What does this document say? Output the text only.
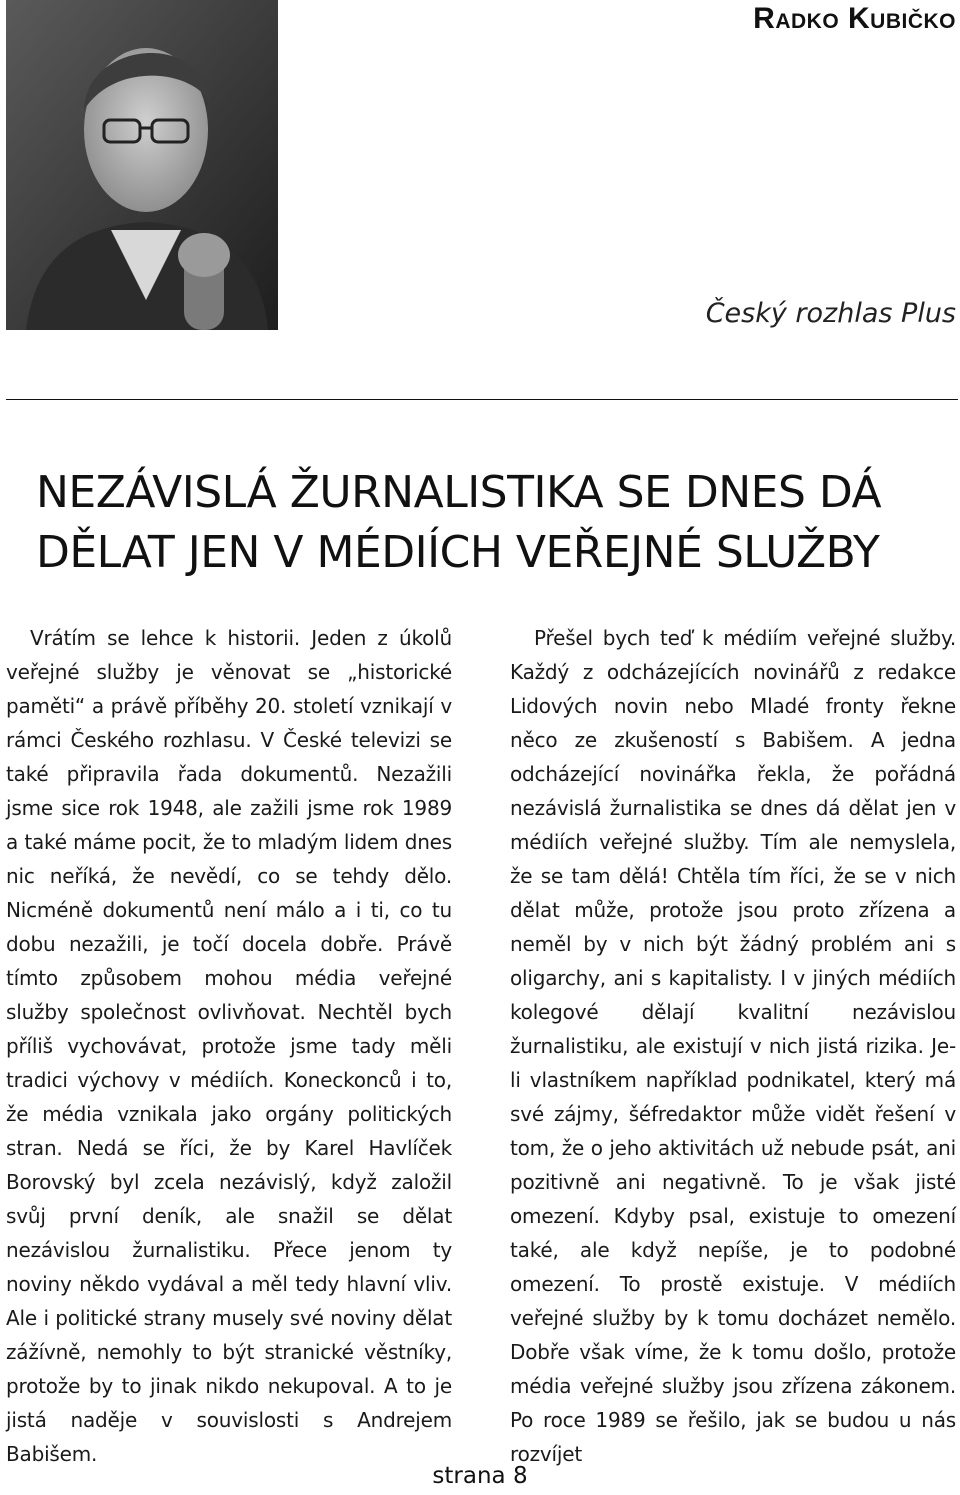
Radko Kubičko

Český rozhlas Plus

NEZÁVISLÁ ŽURNALISTIKA SE DNES DÁ DĚLAT JEN V MÉDIÍCH VEŘEJNÉ SLUŽBY

Vrátím se lehce k historii. Jeden z úkolů veřejné služby je věnovat se „historické paměti“ a právě příběhy 20. století vznikají v rámci Českého rozhlasu. V České televizi se také připravila řada dokumentů. Nezažili jsme sice rok 1948, ale zažili jsme rok 1989 a také máme pocit, že to mladým lidem dnes nic neříká, že nevědí, co se tehdy dělo. Nicméně dokumentů není málo a i ti, co tu dobu nezažili, je točí docela dobře. Právě tímto způsobem mohou média veřejné služby společnost ovlivňovat. Nechtěl bych příliš vychovávat, protože jsme tady měli tradici výchovy v médiích. Koneckonců i to, že média vznikala jako orgány politických stran. Nedá se říci, že by Karel Havlíček Borovský byl zcela nezávislý, když založil svůj první deník, ale snažil se dělat nezávislou žurnalistiku. Přece jenom ty noviny někdo vydával a měl tedy hlavní vliv. Ale i politické strany musely své noviny dělat zážívně, nemohly to být stranické věstníky, protože by to jinak nikdo nekupoval. A to je jistá naděje v souvislosti s Andrejem Babišem.

Přešel bych teď k médiím veřejné služby. Každý z odcházejících novinářů z redakce Lidových novin nebo Mladé fronty řekne něco ze zkušeností s Babišem. A jedna odcházející novinářka řekla, že pořádná nezávislá žurnalistika se dnes dá dělat jen v médiích veřejné služby. Tím ale nemyslela, že se tam dělá! Chtěla tím říci, že se v nich dělat může, protože jsou proto zřízena a neměl by v nich být žádný problém ani s oligarchy, ani s kapitalisty. I v jiných médiích kolegové dělají kvalitní nezávislou žurnalistiku, ale existují v nich jistá rizika. Je-li vlastníkem například podnikatel, který má své zájmy, šéfredaktor může vidět řešení v tom, že o jeho aktivitách už nebude psát, ani pozitivně ani negativně. To je však jisté omezení. Kdyby psal, existuje to omezení také, ale když nepíše, je to podobné omezení. To prostě existuje. V médiích veřejné služby by k tomu docházet nemělo. Dobře však víme, že k tomu došlo, protože média veřejné služby jsou zřízena zákonem. Po roce 1989 se řešilo, jak se budou u nás rozvíjet

strana 8
